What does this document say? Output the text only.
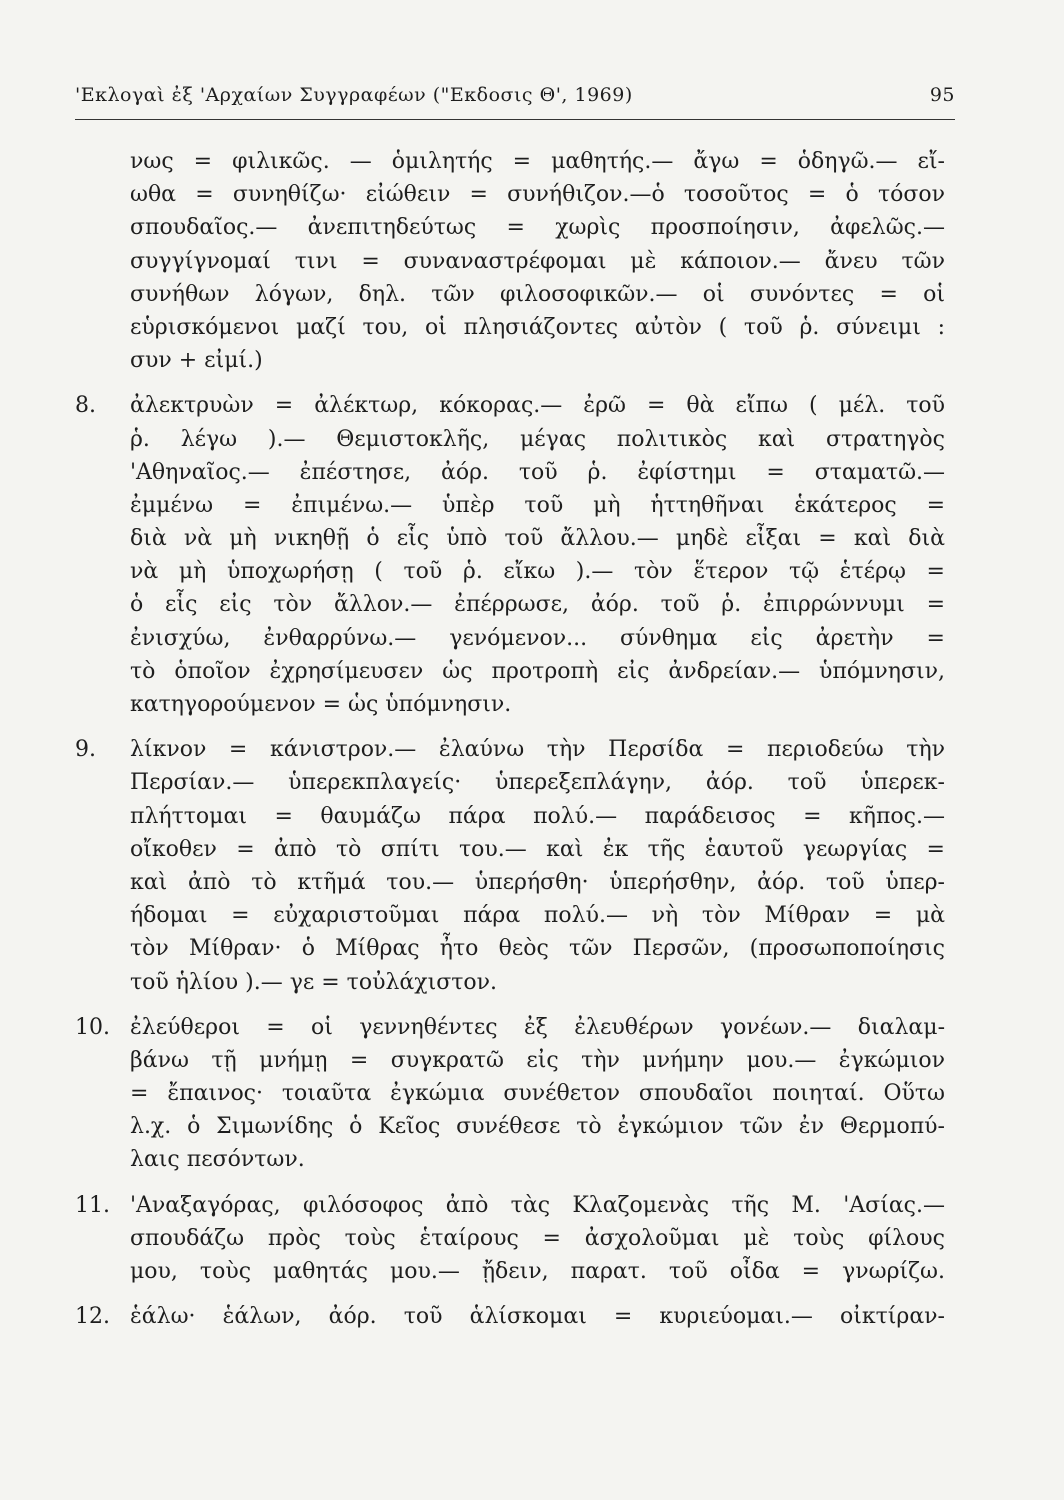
'Εκλογαὶ ἐξ 'Αρχαίων Συγγραφέων ("Εκδοσις Θ', 1969)	95
νως = φιλικῶς. — ὁμιλητής = μαθητής.— ἄγω = ὁδηγῶ.— εἴ-
ωθα = συνηθίζω· εἰώθειν = συνήθιζον.—ὁ τοσοῦτος = ὁ τόσον
σπουδαῖος.— ἀνεπιτηδεύτως = χωρὶς προσποίησιν, ἀφελῶς.—
συγγίγνομαί τινι = συναναστρέφομαι μὲ κάποιον.— ἄνευ τῶν
συνήθων λόγων, δηλ. τῶν φιλοσοφικῶν.— οἱ συνόντες = οἱ
εὑρισκόμενοι μαζί του, οἱ πλησιάζοντες αὐτὸν ( τοῦ ῥ. σύνειμι :
συν + εἰμί.)
8. ἀλεκτρυὼν = ἀλέκτωρ, κόκορας.— ἐρῶ = θὰ εἴπω ( μέλ. τοῦ
ῥ. λέγω ).— Θεμιστοκλῆς, μέγας πολιτικὸς καὶ στρατηγὸς
'Αθηναῖος.— ἐπέστησε, ἀόρ. τοῦ ῥ. ἐφίστημι = σταματῶ.—
ἐμμένω = ἐπιμένω.— ὑπὲρ τοῦ μὴ ἡττηθῆναι ἑκάτερος =
διὰ νὰ μὴ νικηθῇ ὁ εἷς ὑπὸ τοῦ ἄλλου.— μηδὲ εἶξαι = καὶ διὰ
νὰ μὴ ὑποχωρήσῃ ( τοῦ ῥ. εἴκω ).— τὸν ἕτερον τῷ ἑτέρῳ =
ὁ εἷς εἰς τὸν ἄλλον.— ἐπέρρωσε, ἀόρ. τοῦ ῥ. ἐπιρρώννυμι =
ἐνισχύω, ἐνθαρρύνω.— γενόμενον... σύνθημα εἰς ἀρετὴν =
τὸ ὁποῖον ἐχρησίμευσεν ὡς προτροπὴ εἰς ἀνδρείαν.— ὑπόμνησιν,
κατηγορούμενον = ὡς ὑπόμνησιν.
9. λίκνον = κάνιστρον.— ἐλαύνω τὴν Περσίδα = περιοδεύω τὴν
Περσίαν.— ὑπερεκπλαγείς· ὑπερεξεπλάγην, ἀόρ. τοῦ ὑπερεκ-
πλήττομαι = θαυμάζω πάρα πολύ.— παράδεισος = κῆπος.—
οἴκοθεν = ἀπὸ τὸ σπίτι του.— καὶ ἐκ τῆς ἑαυτοῦ γεωργίας =
καὶ ἀπὸ τὸ κτῆμά του.— ὑπερήσθη· ὑπερήσθην, ἀόρ. τοῦ ὑπερ-
ήδομαι = εὐχαριστοῦμαι πάρα πολύ.— νὴ τὸν Μίθραν = μὰ
τὸν Μίθραν· ὁ Μίθρας ἦτο θεὸς τῶν Περσῶν, (προσωποποίησις
τοῦ ἡλίου ).— γε = τοὐλάχιστον.
10. ἐλεύθεροι = οἱ γεννηθέντες ἐξ ἐλευθέρων γονέων.— διαλαμ-
βάνω τῇ μνήμῃ = συγκρατῶ εἰς τὴν μνήμην μου.— ἐγκώμιον
= ἔπαινος· τοιαῦτα ἐγκώμια συνέθετον σπουδαῖοι ποιηταί. Οὕτω
λ.χ. ὁ Σιμωνίδης ὁ Κεῖος συνέθεσε τὸ ἐγκώμιον τῶν ἐν Θερμοπύ-
λαις πεσόντων.
11. 'Αναξαγόρας, φιλόσοφος ἀπὸ τὰς Κλαζομενὰς τῆς Μ. 'Ασίας.—
σπουδάζω πρὸς τοὺς ἑταίρους = ἀσχολοῦμαι μὲ τοὺς φίλους
μου, τοὺς μαθητάς μου.— ᾔδειν, παρατ. τοῦ οἶδα = γνωρίζω.
12. ἑάλω· ἑάλων, ἀόρ. τοῦ ἁλίσκομαι = κυριεύομαι.— οἰκτίραν-
